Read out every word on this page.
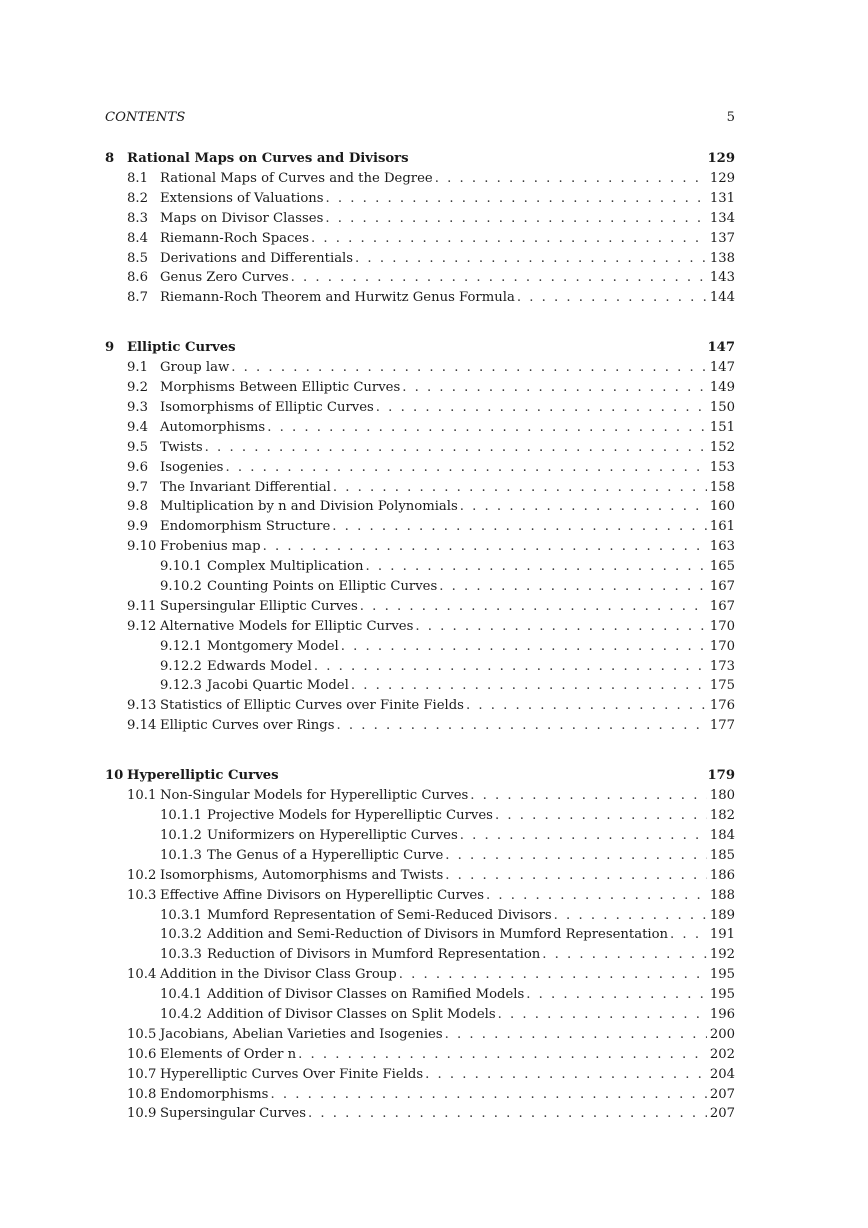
CONTENTS	5
8 Rational Maps on Curves and Divisors	129
8.1 Rational Maps of Curves and the Degree . . .	129
8.2 Extensions of Valuations . . .	131
8.3 Maps on Divisor Classes . . .	134
8.4 Riemann-Roch Spaces . . .	137
8.5 Derivations and Differentials . . .	138
8.6 Genus Zero Curves . . .	143
8.7 Riemann-Roch Theorem and Hurwitz Genus Formula . . .	144
9 Elliptic Curves	147
9.1 Group law . . .	147
9.2 Morphisms Between Elliptic Curves . . .	149
9.3 Isomorphisms of Elliptic Curves . . .	150
9.4 Automorphisms . . .	151
9.5 Twists . . .	152
9.6 Isogenies . . .	153
9.7 The Invariant Differential . . .	158
9.8 Multiplication by n and Division Polynomials . . .	160
9.9 Endomorphism Structure . . .	161
9.10 Frobenius map . . .	163
9.10.1 Complex Multiplication . . .	165
9.10.2 Counting Points on Elliptic Curves . . .	167
9.11 Supersingular Elliptic Curves . . .	167
9.12 Alternative Models for Elliptic Curves . . .	170
9.12.1 Montgomery Model . . .	170
9.12.2 Edwards Model . . .	173
9.12.3 Jacobi Quartic Model . . .	175
9.13 Statistics of Elliptic Curves over Finite Fields . . .	176
9.14 Elliptic Curves over Rings . . .	177
10 Hyperelliptic Curves	179
10.1 Non-Singular Models for Hyperelliptic Curves . . .	180
10.1.1 Projective Models for Hyperelliptic Curves . . .	182
10.1.2 Uniformizers on Hyperelliptic Curves . . .	184
10.1.3 The Genus of a Hyperelliptic Curve . . .	185
10.2 Isomorphisms, Automorphisms and Twists . . .	186
10.3 Effective Affine Divisors on Hyperelliptic Curves . . .	188
10.3.1 Mumford Representation of Semi-Reduced Divisors . . .	189
10.3.2 Addition and Semi-Reduction of Divisors in Mumford Representation . . .	191
10.3.3 Reduction of Divisors in Mumford Representation . . .	192
10.4 Addition in the Divisor Class Group . . .	195
10.4.1 Addition of Divisor Classes on Ramified Models . . .	195
10.4.2 Addition of Divisor Classes on Split Models . . .	196
10.5 Jacobians, Abelian Varieties and Isogenies . . .	200
10.6 Elements of Order n . . .	202
10.7 Hyperelliptic Curves Over Finite Fields . . .	204
10.8 Endomorphisms . . .	207
10.9 Supersingular Curves . . .	207
